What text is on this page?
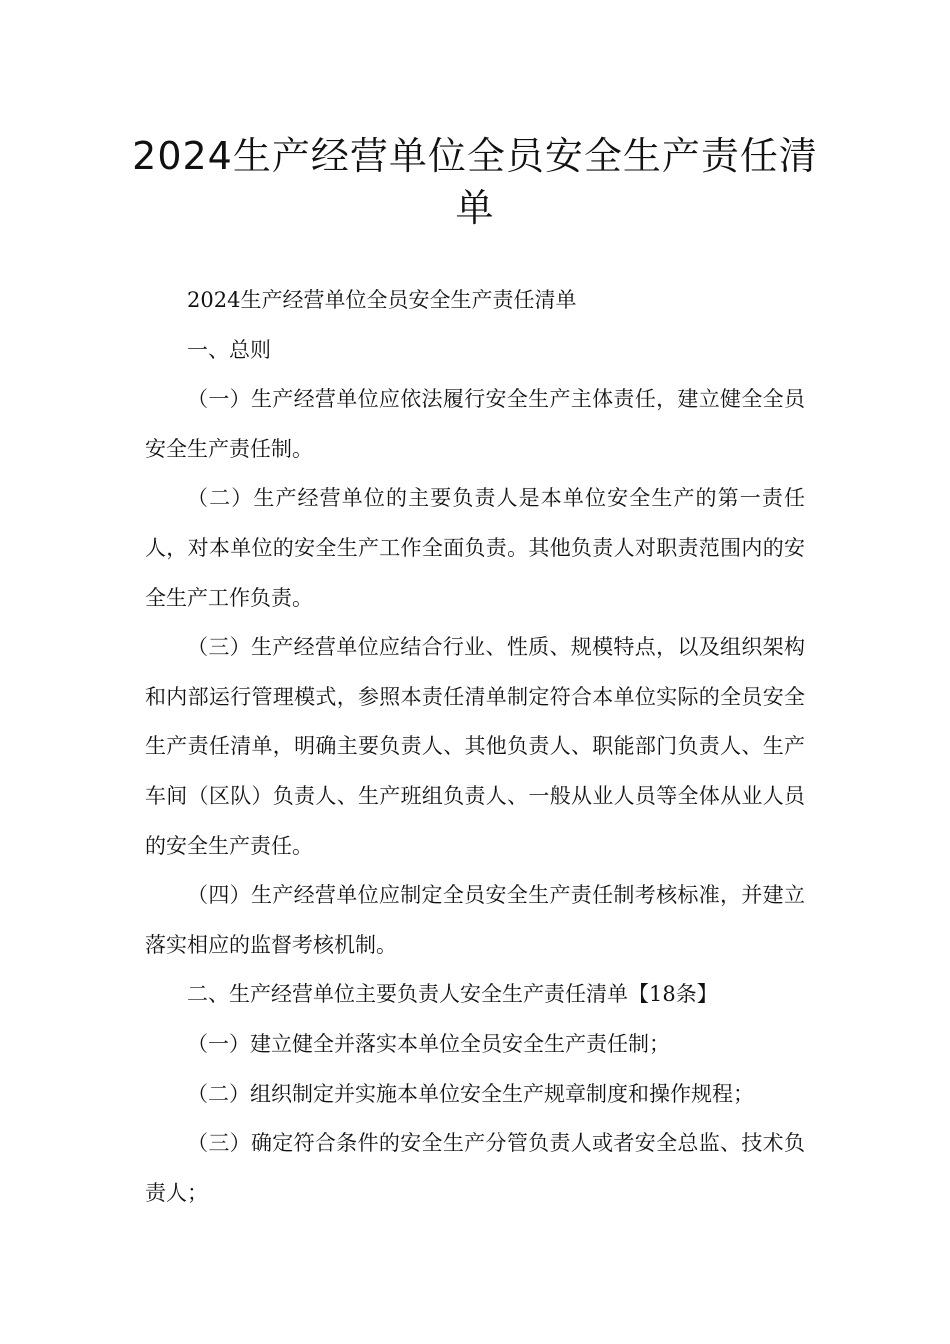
2024生产经营单位全员安全生产责任清单

2024生产经营单位全员安全生产责任清单

一、总则

（一）生产经营单位应依法履行安全生产主体责任，建立健全全员安全生产责任制。

（二）生产经营单位的主要负责人是本单位安全生产的第一责任人，对本单位的安全生产工作全面负责。其他负责人对职责范围内的安全生产工作负责。

（三）生产经营单位应结合行业、性质、规模特点，以及组织架构和内部运行管理模式，参照本责任清单制定符合本单位实际的全员安全生产责任清单，明确主要负责人、其他负责人、职能部门负责人、生产车间（区队）负责人、生产班组负责人、一般从业人员等全体从业人员的安全生产责任。

（四）生产经营单位应制定全员安全生产责任制考核标准，并建立落实相应的监督考核机制。

二、生产经营单位主要负责人安全生产责任清单【18条】

（一）建立健全并落实本单位全员安全生产责任制；

（二）组织制定并实施本单位安全生产规章制度和操作规程；

（三）确定符合条件的安全生产分管负责人或者安全总监、技术负责人；
